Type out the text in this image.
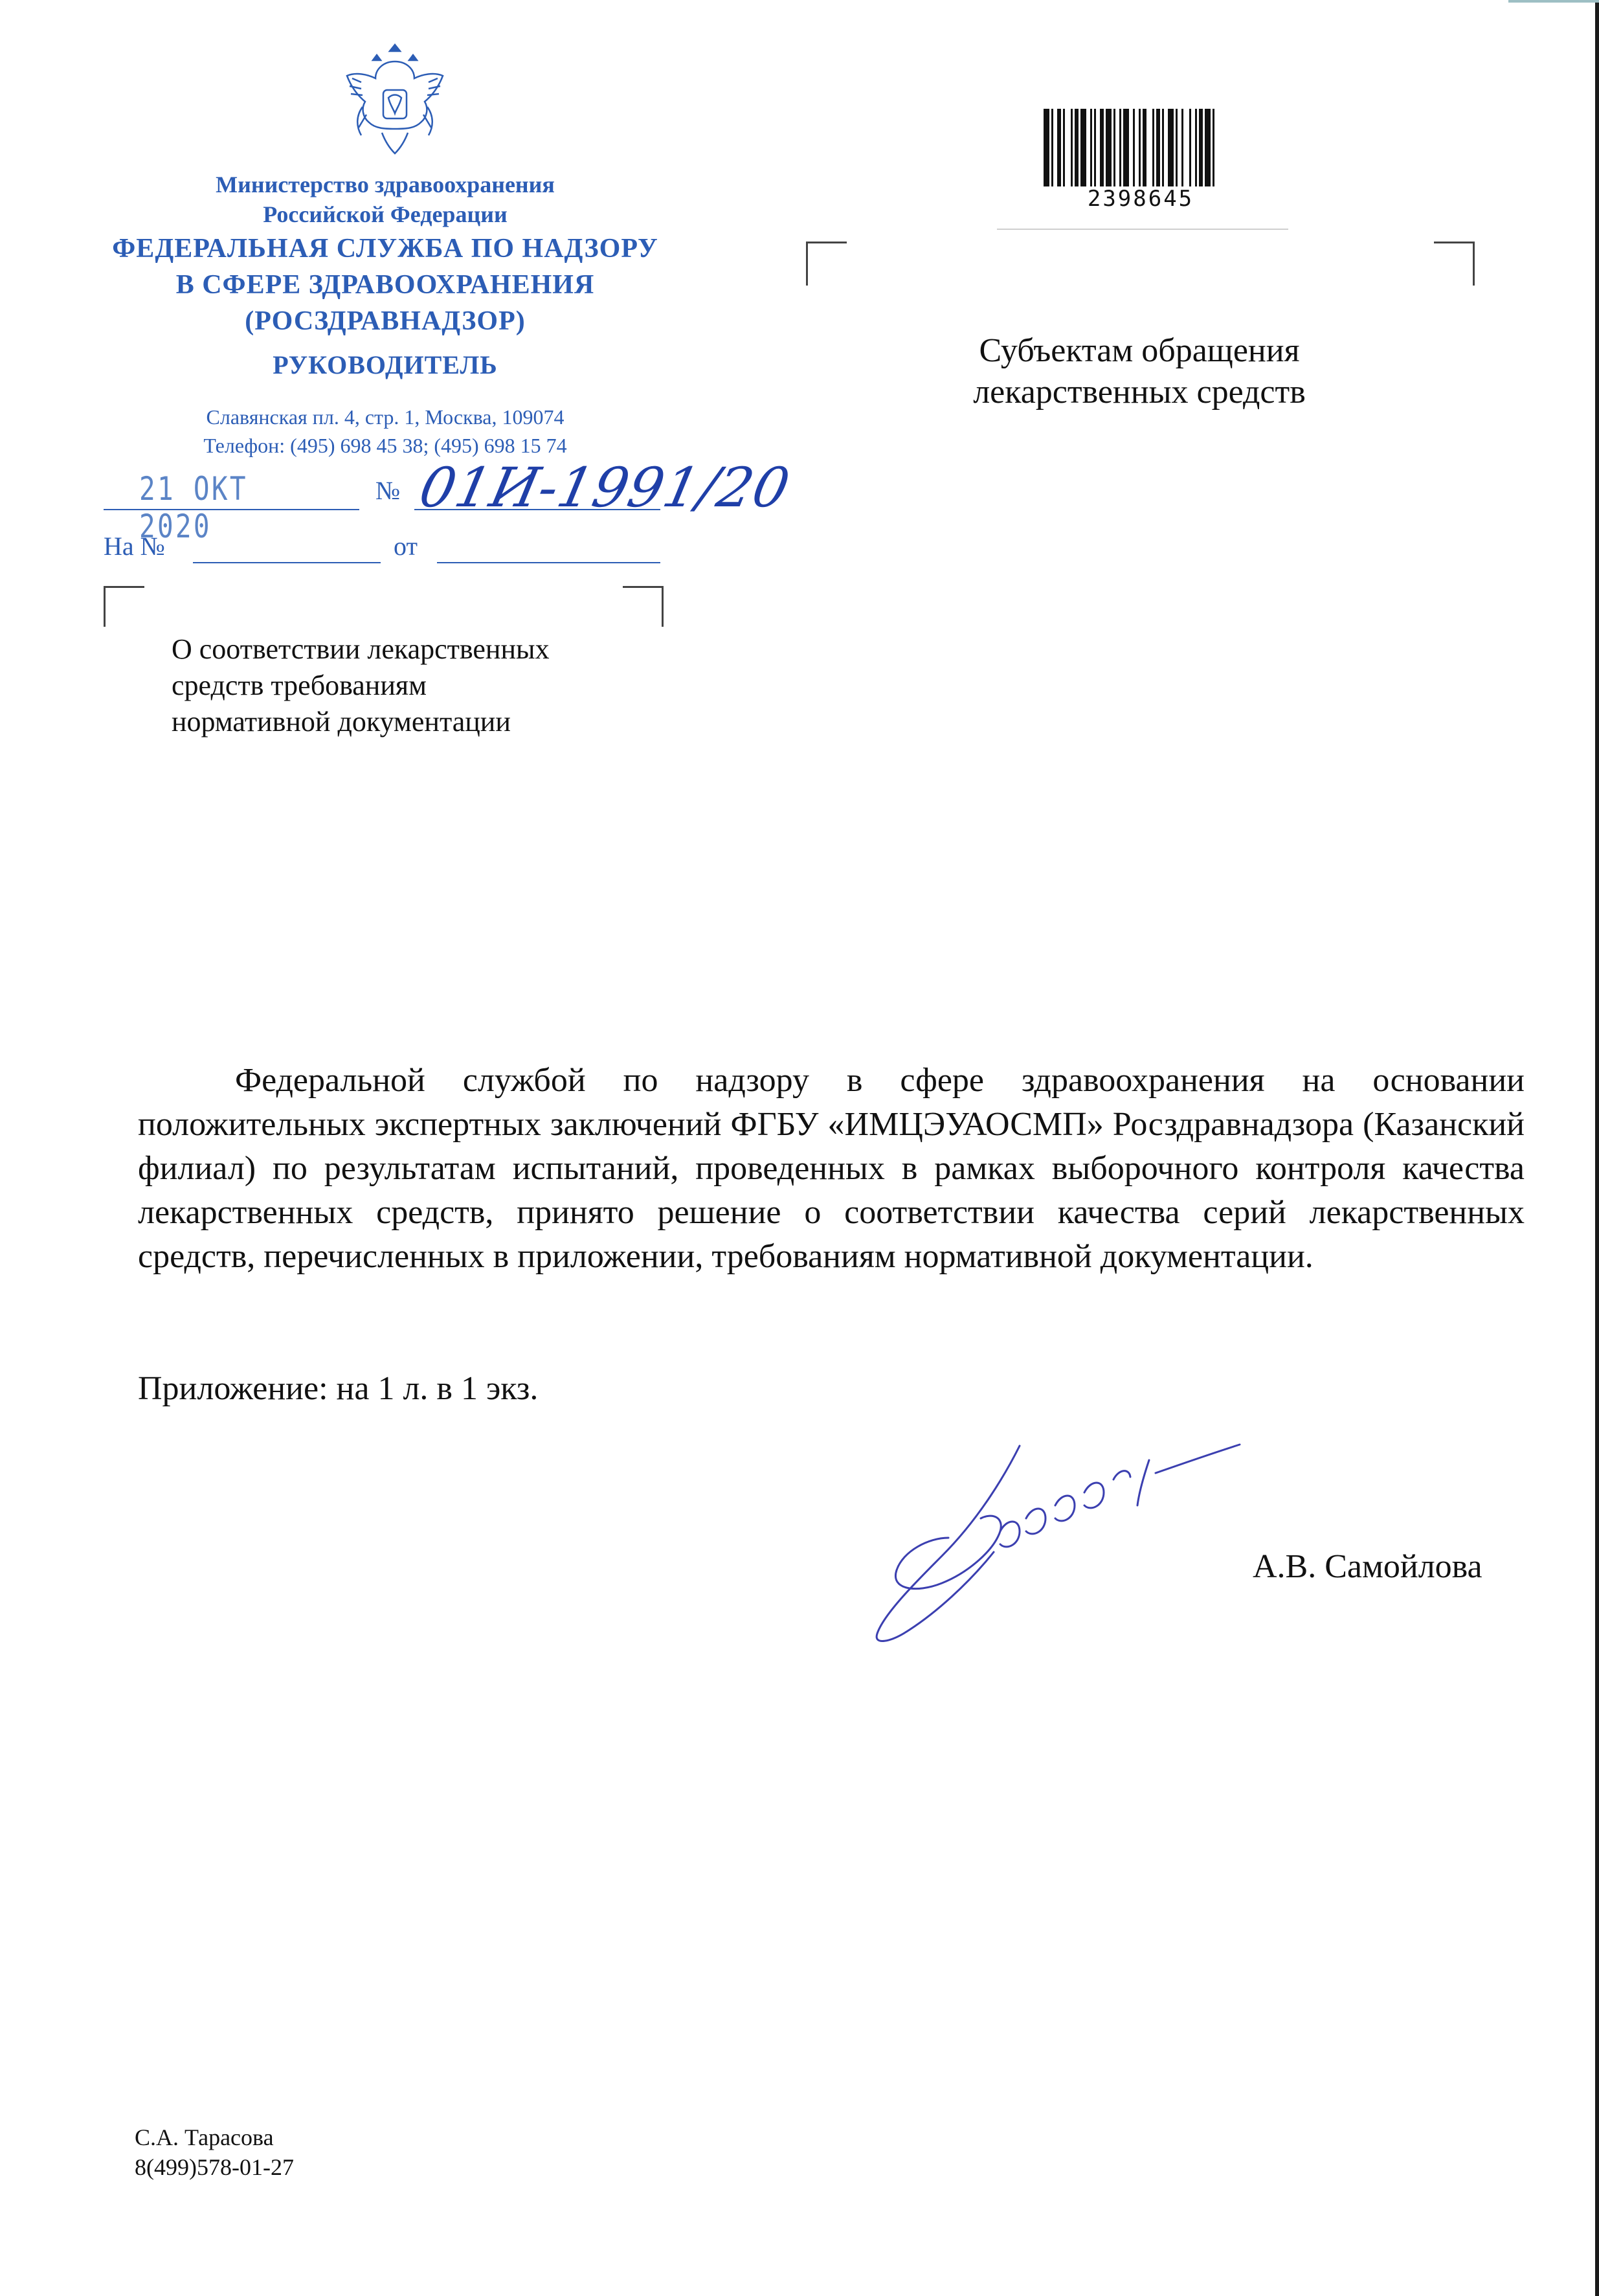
Министерство здравоохранения
Российской Федерации
ФЕДЕРАЛЬНАЯ СЛУЖБА ПО НАДЗОРУ
В СФЕРЕ ЗДРАВООХРАНЕНИЯ
(РОСЗДРАВНАДЗОР)
РУКОВОДИТЕЛЬ
Славянская пл. 4, стр. 1, Москва, 109074
Телефон: (495) 698 45 38; (495) 698 15 74
21 ОКТ 2020
№ 01И-1991/20
На №	от
О соответствии лекарственных
средств требованиям
нормативной документации
2398645
Субъектам обращения
лекарственных средств
Федеральной службой по надзору в сфере здравоохранения на основании положительных экспертных заключений ФГБУ «ИМЦЭУАОСМП» Росздравнадзора (Казанский филиал) по результатам испытаний, проведенных в рамках выборочного контроля качества лекарственных средств, принято решение о соответствии качества серий лекарственных средств, перечисленных в приложении, требованиям нормативной документации.
Приложение: на 1 л. в 1 экз.
А.В. Самойлова
С.А. Тарасова
8(499)578-01-27
